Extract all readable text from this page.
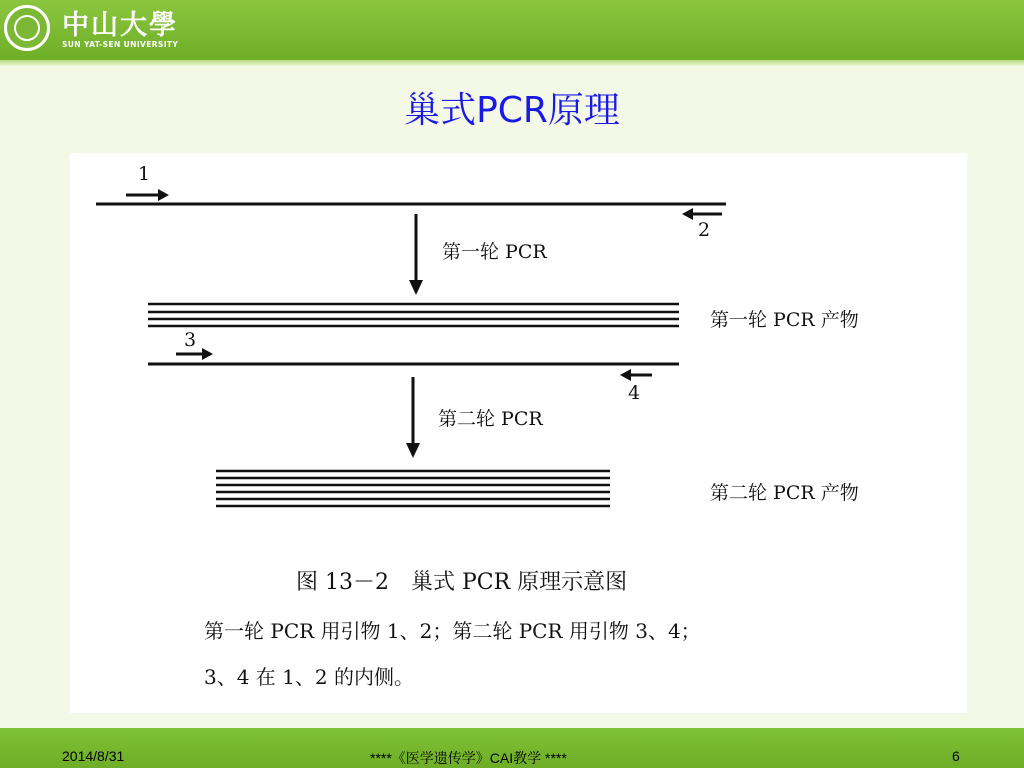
中山大學
SUN YAT-SEN UNIVERSITY
巢式PCR原理
1
2
第一轮 PCR
第一轮 PCR 产物
3
4
第二轮 PCR
第二轮 PCR 产物
图 13－2　巢式 PCR 原理示意图
第一轮 PCR 用引物 1、2；第二轮 PCR 用引物 3、4；
3、4 在 1、2 的内侧。
2014/8/31	****《医学遗传学》CAI教学 ****	6
